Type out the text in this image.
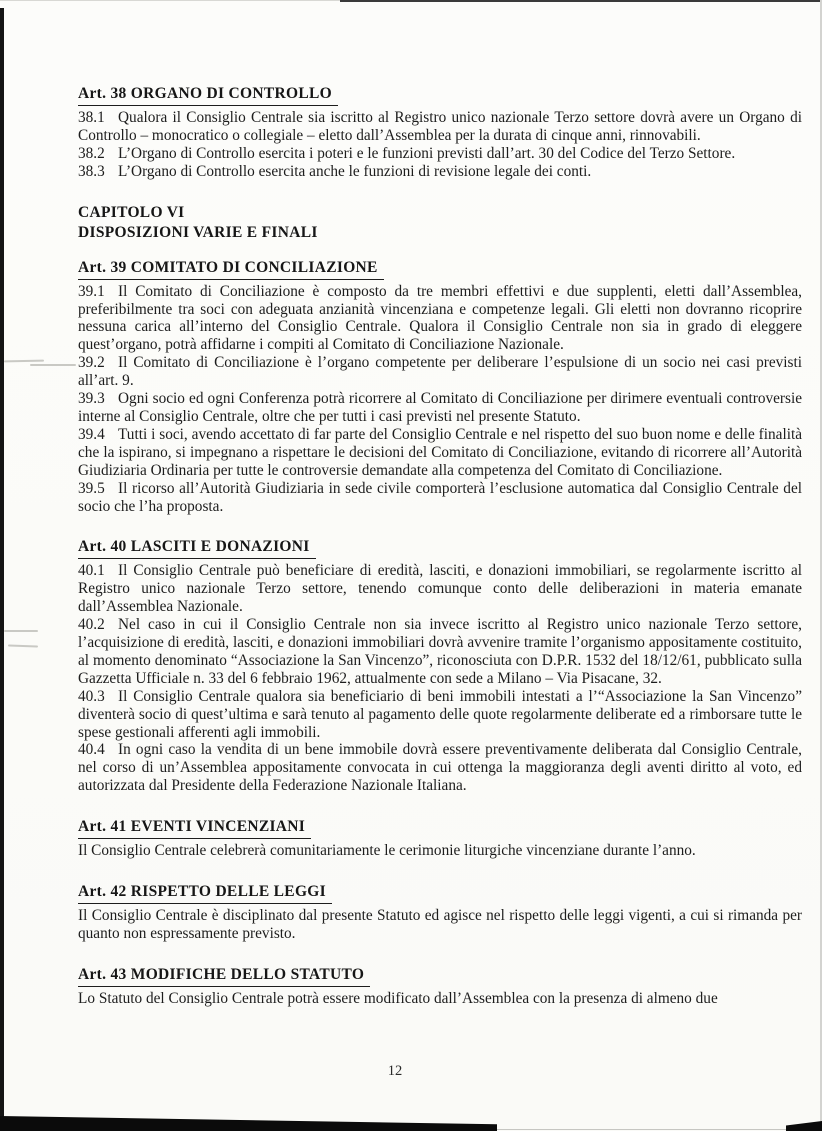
Art. 38 ORGANO DI CONTROLLO

38.1 Qualora il Consiglio Centrale sia iscritto al Registro unico nazionale Terzo settore dovrà avere un Organo di Controllo – monocratico o collegiale – eletto dall’Assemblea per la durata di cinque anni, rinnovabili.

38.2 L’Organo di Controllo esercita i poteri e le funzioni previsti dall’art. 30 del Codice del Terzo Settore.

38.3 L’Organo di Controllo esercita anche le funzioni di revisione legale dei conti.

CAPITOLO VI
DISPOSIZIONI VARIE E FINALI
Art. 39 COMITATO DI CONCILIAZIONE

39.1 Il Comitato di Conciliazione è composto da tre membri effettivi e due supplenti, eletti dall’Assemblea, preferibilmente tra soci con adeguata anzianità vincenziana e competenze legali. Gli eletti non dovranno ricoprire nessuna carica all’interno del Consiglio Centrale. Qualora il Consiglio Centrale non sia in grado di eleggere quest’organo, potrà affidarne i compiti al Comitato di Conciliazione Nazionale.

39.2 Il Comitato di Conciliazione è l’organo competente per deliberare l’espulsione di un socio nei casi previsti all’art. 9.

39.3 Ogni socio ed ogni Conferenza potrà ricorrere al Comitato di Conciliazione per dirimere eventuali controversie interne al Consiglio Centrale, oltre che per tutti i casi previsti nel presente Statuto.

39.4 Tutti i soci, avendo accettato di far parte del Consiglio Centrale e nel rispetto del suo buon nome e delle finalità che la ispirano, si impegnano a rispettare le decisioni del Comitato di Conciliazione, evitando di ricorrere all’Autorità Giudiziaria Ordinaria per tutte le controversie demandate alla competenza del Comitato di Conciliazione.

39.5 Il ricorso all’Autorità Giudiziaria in sede civile comporterà l’esclusione automatica dal Consiglio Centrale del socio che l’ha proposta.

Art. 40 LASCITI E DONAZIONI

40.1 Il Consiglio Centrale può beneficiare di eredità, lasciti, e donazioni immobiliari, se regolarmente iscritto al Registro unico nazionale Terzo settore, tenendo comunque conto delle deliberazioni in materia emanate dall’Assemblea Nazionale.

40.2 Nel caso in cui il Consiglio Centrale non sia invece iscritto al Registro unico nazionale Terzo settore, l’acquisizione di eredità, lasciti, e donazioni immobiliari dovrà avvenire tramite l’organismo appositamente costituito, al momento denominato “Associazione la San Vincenzo”, riconosciuta con D.P.R. 1532 del 18/12/61, pubblicato sulla Gazzetta Ufficiale n. 33 del 6 febbraio 1962, attualmente con sede a Milano – Via Pisacane, 32.

40.3 Il Consiglio Centrale qualora sia beneficiario di beni immobili intestati a l’“Associazione la San Vincenzo” diventerà socio di quest’ultima e sarà tenuto al pagamento delle quote regolarmente deliberate ed a rimborsare tutte le spese gestionali afferenti agli immobili.

40.4 In ogni caso la vendita di un bene immobile dovrà essere preventivamente deliberata dal Consiglio Centrale, nel corso di un’Assemblea appositamente convocata in cui ottenga la maggioranza degli aventi diritto al voto, ed autorizzata dal Presidente della Federazione Nazionale Italiana.

Art. 41 EVENTI VINCENZIANI

Il Consiglio Centrale celebrerà comunitariamente le cerimonie liturgiche vincenziane durante l’anno.

Art. 42 RISPETTO DELLE LEGGI

Il Consiglio Centrale è disciplinato dal presente Statuto ed agisce nel rispetto delle leggi vigenti, a cui si rimanda per quanto non espressamente previsto.

Art. 43 MODIFICHE DELLO STATUTO

Lo Statuto del Consiglio Centrale potrà essere modificato dall’Assemblea con la presenza di almeno due

12
